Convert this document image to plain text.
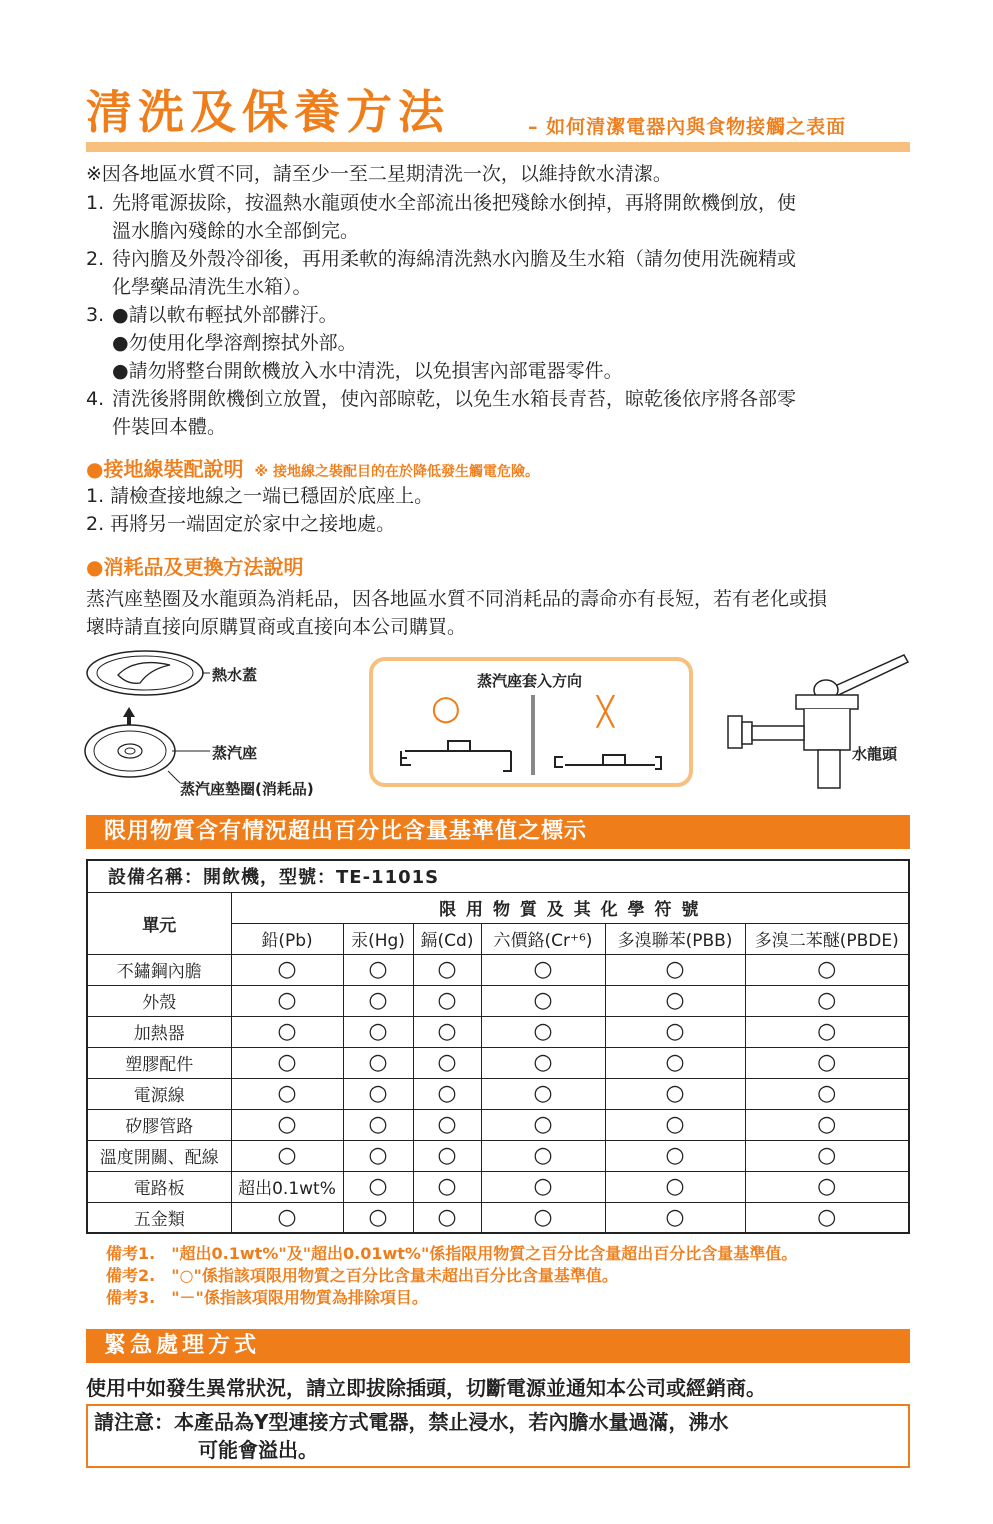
清洗及保養方法	– 如何清潔電器內與食物接觸之表面
※因各地區水質不同，請至少一至二星期清洗一次，以維持飲水清潔。
1. 先將電源拔除，按溫熱水龍頭使水全部流出後把殘餘水倒掉，再將開飲機倒放，使
溫水膽內殘餘的水全部倒完。
2. 待內膽及外殼冷卻後，再用柔軟的海綿清洗熱水內膽及生水箱（請勿使用洗碗精或
化學藥品清洗生水箱）。
3. ●請以軟布輕拭外部髒汙。
●勿使用化學溶劑擦拭外部。
●請勿將整台開飲機放入水中清洗，以免損害內部電器零件。
4. 清洗後將開飲機倒立放置，使內部晾乾，以免生水箱長青苔，晾乾後依序將各部零
件裝回本體。
●接地線裝配說明 ※ 接地線之裝配目的在於降低發生觸電危險。
1. 請檢查接地線之一端已穩固於底座上。
2. 再將另一端固定於家中之接地處。
●消耗品及更換方法說明
蒸汽座墊圈及水龍頭為消耗品，因各地區水質不同消耗品的壽命亦有長短，若有老化或損
壞時請直接向原購買商或直接向本公司購買。
熱水蓋
蒸汽座
蒸汽座墊圈(消耗品)
蒸汽座套入方向
○	╳
水龍頭
限用物質含有情況超出百分比含量基準值之標示
設備名稱：開飲機，型號：TE-1101S						
單元	限 用 物 質 及 其 化 學 符 號					
	鉛(Pb)	汞(Hg)	鎘(Cd)	六價鉻(Cr⁺⁶)	多溴聯苯(PBB)	多溴二苯醚(PBDE)
不鏽鋼內膽	○	○	○	○	○	○
外殼	○	○	○	○	○	○
加熱器	○	○	○	○	○	○
塑膠配件	○	○	○	○	○	○
電源線	○	○	○	○	○	○
矽膠管路	○	○	○	○	○	○
溫度開關、配線	○	○	○	○	○	○
電路板	超出0.1wt%	○	○	○	○	○
五金類	○	○	○	○	○	○
備考1.　"超出0.1wt%"及"超出0.01wt%"係指限用物質之百分比含量超出百分比含量基準值。
備考2.　"○"係指該項限用物質之百分比含量未超出百分比含量基準值。
備考3.　"－"係指該項限用物質為排除項目。
緊急處理方式
使用中如發生異常狀況，請立即拔除插頭，切斷電源並通知本公司或經銷商。
請注意：本產品為Y型連接方式電器，禁止浸水，若內膽水量過滿，沸水
可能會溢出。
